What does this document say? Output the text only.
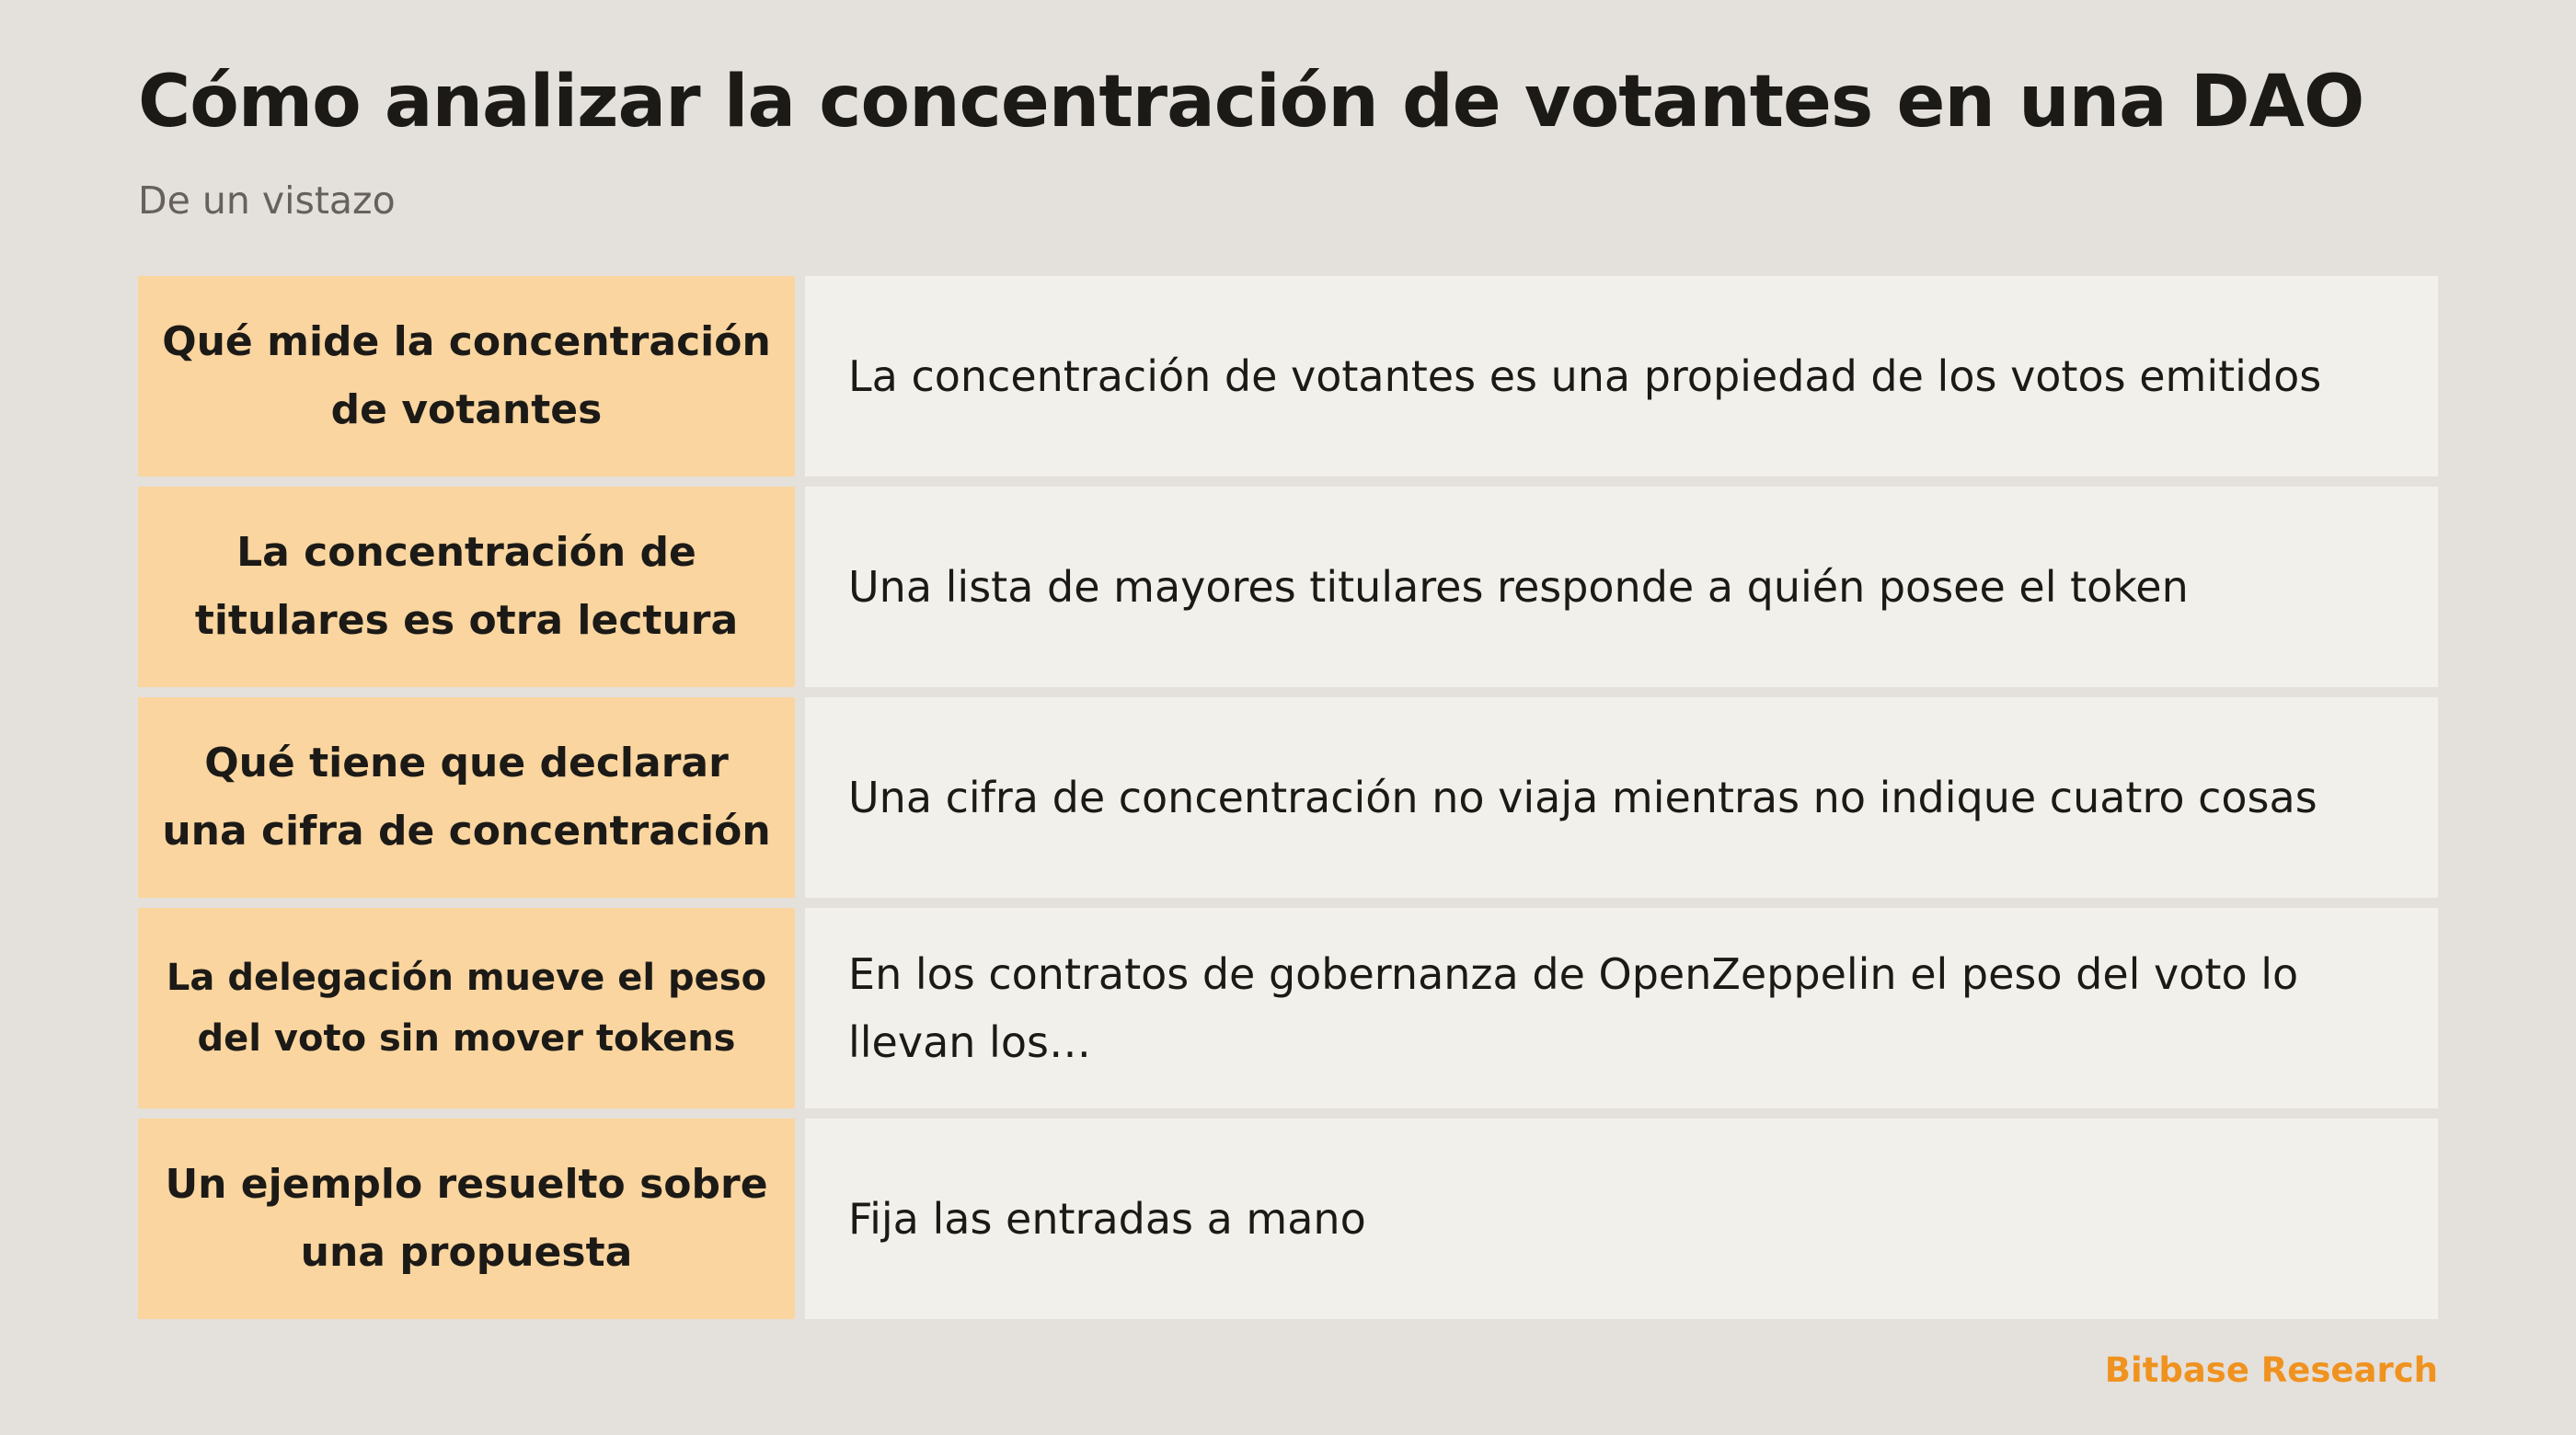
Cómo analizar la concentración de votantes en una DAO
De un vistazo
Qué mide la concentración de votantes
La concentración de votantes es una propiedad de los votos emitidos
La concentración de titulares es otra lectura
Una lista de mayores titulares responde a quién posee el token
Qué tiene que declarar una cifra de concentración
Una cifra de concentración no viaja mientras no indique cuatro cosas
La delegación mueve el peso del voto sin mover tokens
En los contratos de gobernanza de OpenZeppelin el peso del voto lo llevan los…
Un ejemplo resuelto sobre una propuesta
Fija las entradas a mano
Bitbase Research
